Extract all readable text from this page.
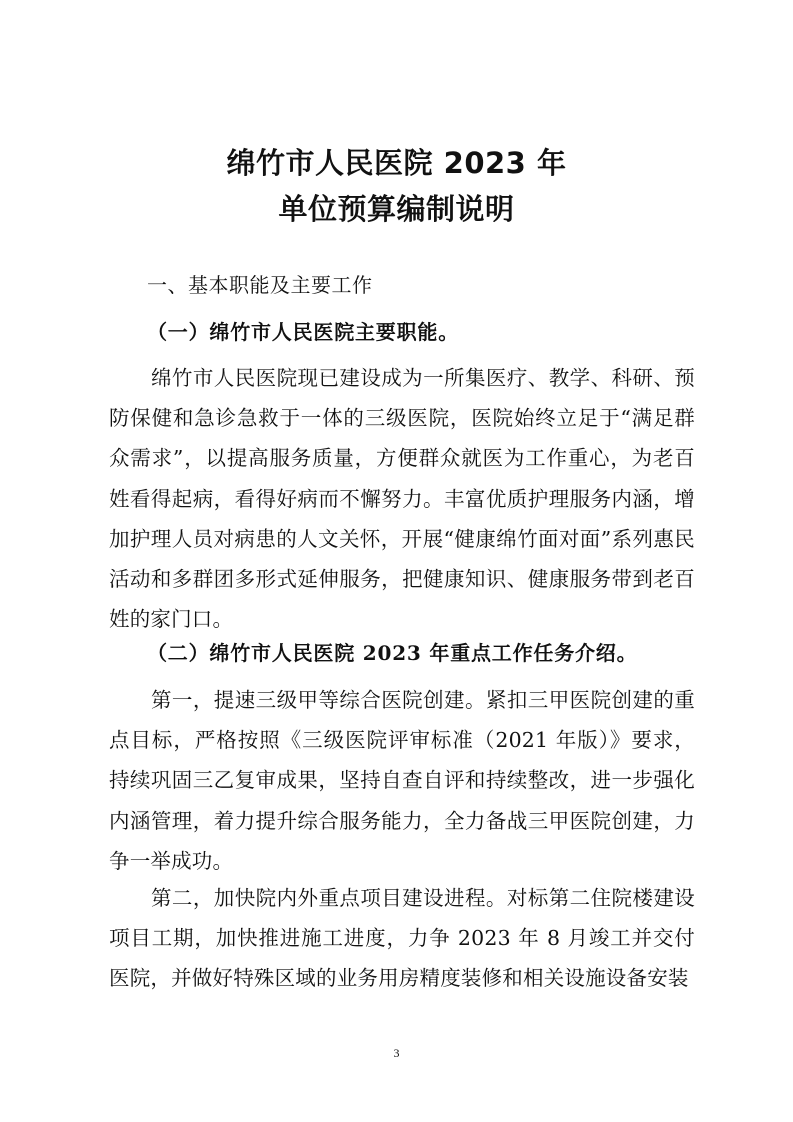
绵竹市人民医院 2023 年
单位预算编制说明
一、基本职能及主要工作
（一）绵竹市人民医院主要职能。

绵竹市人民医院现已建设成为一所集医疗、教学、科研、预防保健和急诊急救于一体的三级医院，医院始终立足于“满足群众需求”，以提高服务质量，方便群众就医为工作重心，为老百姓看得起病，看得好病而不懈努力。丰富优质护理服务内涵，增加护理人员对病患的人文关怀，开展“健康绵竹面对面”系列惠民活动和多群团多形式延伸服务，把健康知识、健康服务带到老百姓的家门口。

（二）绵竹市人民医院 2023 年重点工作任务介绍。

第一，提速三级甲等综合医院创建。紧扣三甲医院创建的重点目标，严格按照《三级医院评审标准（2021 年版）》要求，持续巩固三乙复审成果，坚持自查自评和持续整改，进一步强化内涵管理，着力提升综合服务能力，全力备战三甲医院创建，力争一举成功。

第二，加快院内外重点项目建设进程。对标第二住院楼建设项目工期，加快推进施工进度，力争 2023 年 8 月竣工并交付医院，并做好特殊区域的业务用房精度装修和相关设施设备安装

3
